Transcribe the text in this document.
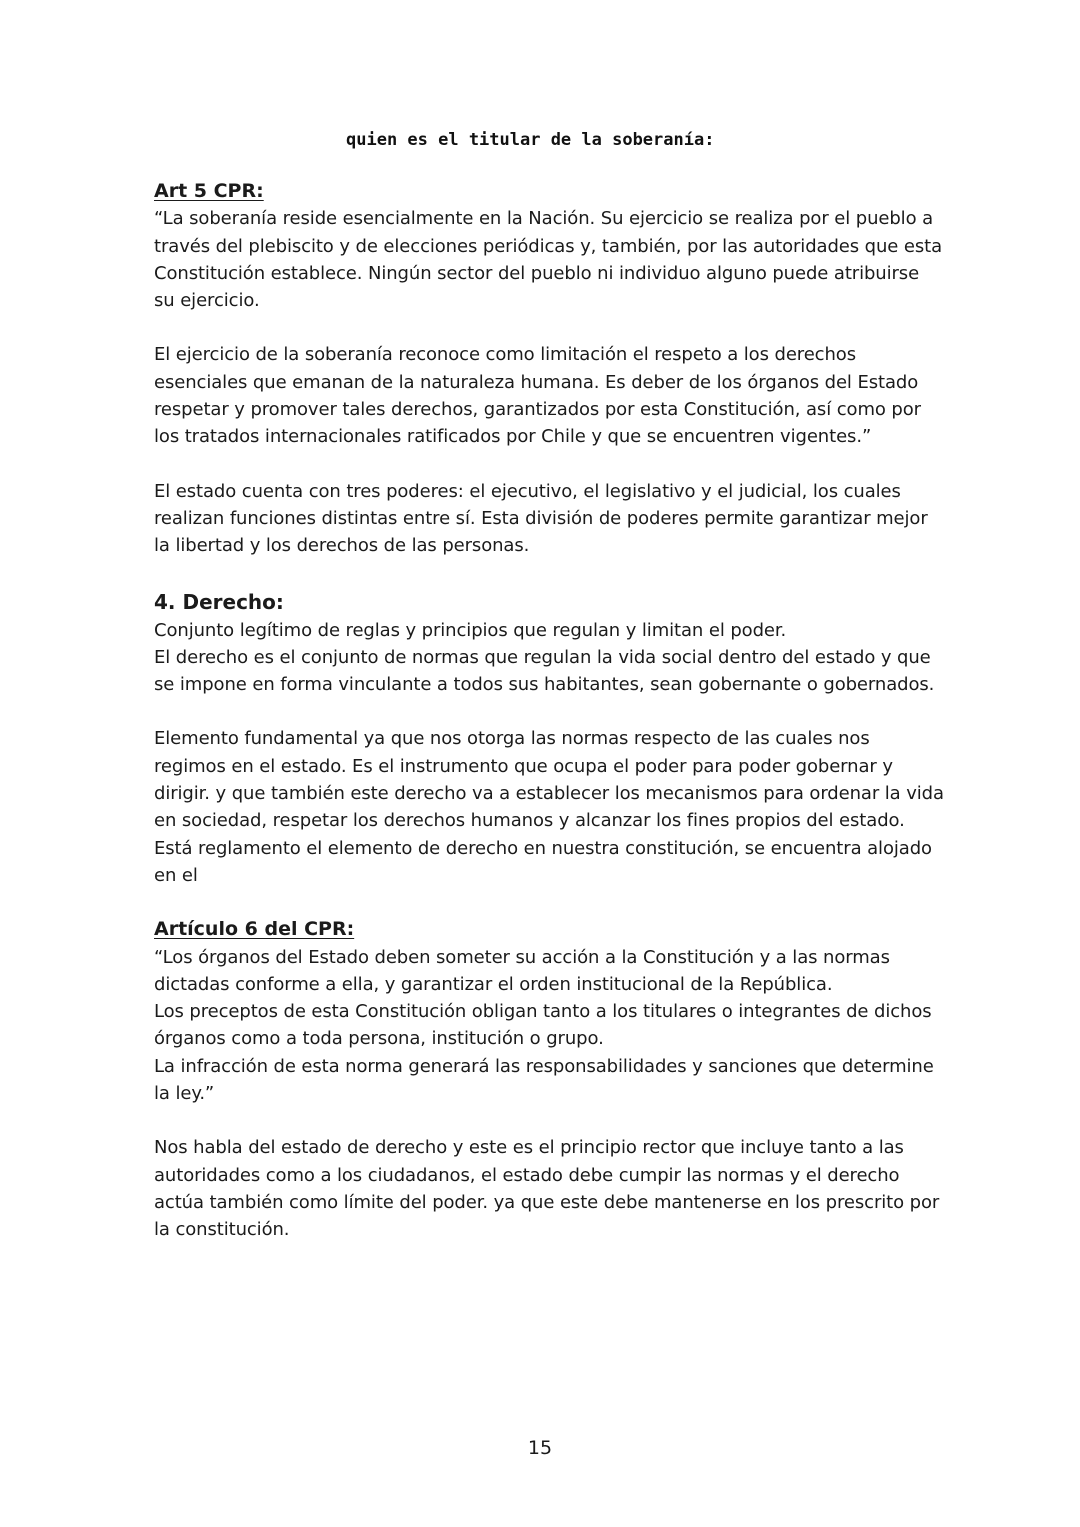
quien es el titular de la soberanía:

Art 5 CPR:

“La soberanía reside esencialmente en la Nación. Su ejercicio se realiza por el pueblo a través del plebiscito y de elecciones periódicas y, también, por las autoridades que esta Constitución establece. Ningún sector del pueblo ni individuo alguno puede atribuirse su ejercicio.

El ejercicio de la soberanía reconoce como limitación el respeto a los derechos esenciales que emanan de la naturaleza humana. Es deber de los órganos del Estado respetar y promover tales derechos, garantizados por esta Constitución, así como por los tratados internacionales ratificados por Chile y que se encuentren vigentes.”

El estado cuenta con tres poderes: el ejecutivo, el legislativo y el judicial, los cuales realizan funciones distintas entre sí. Esta división de poderes permite garantizar mejor la libertad y los derechos de las personas.

4. Derecho:

Conjunto legítimo de reglas y principios que regulan y limitan el poder.

El derecho es el conjunto de normas que regulan la vida social dentro del estado y que se impone en forma vinculante a todos sus habitantes, sean gobernante o gobernados.

Elemento fundamental ya que nos otorga las normas respecto de las cuales nos regimos en el estado. Es el instrumento que ocupa el poder para poder gobernar y dirigir. y que también este derecho va a establecer los mecanismos para ordenar la vida en sociedad, respetar los derechos humanos y alcanzar los fines propios del estado.

Está reglamento el elemento de derecho en nuestra constitución, se encuentra alojado en el

Artículo 6 del CPR:

“Los órganos del Estado deben someter su acción a la Constitución y a las normas dictadas conforme a ella, y garantizar el orden institucional de la República.

Los preceptos de esta Constitución obligan tanto a los titulares o integrantes de dichos órganos como a toda persona, institución o grupo.

La infracción de esta norma generará las responsabilidades y sanciones que determine la ley.”

Nos habla del estado de derecho y este es el principio rector que incluye tanto a las autoridades como a los ciudadanos, el estado debe cumpir las normas y el derecho actúa también como límite del poder. ya que este debe mantenerse en los prescrito por la constitución.

15
